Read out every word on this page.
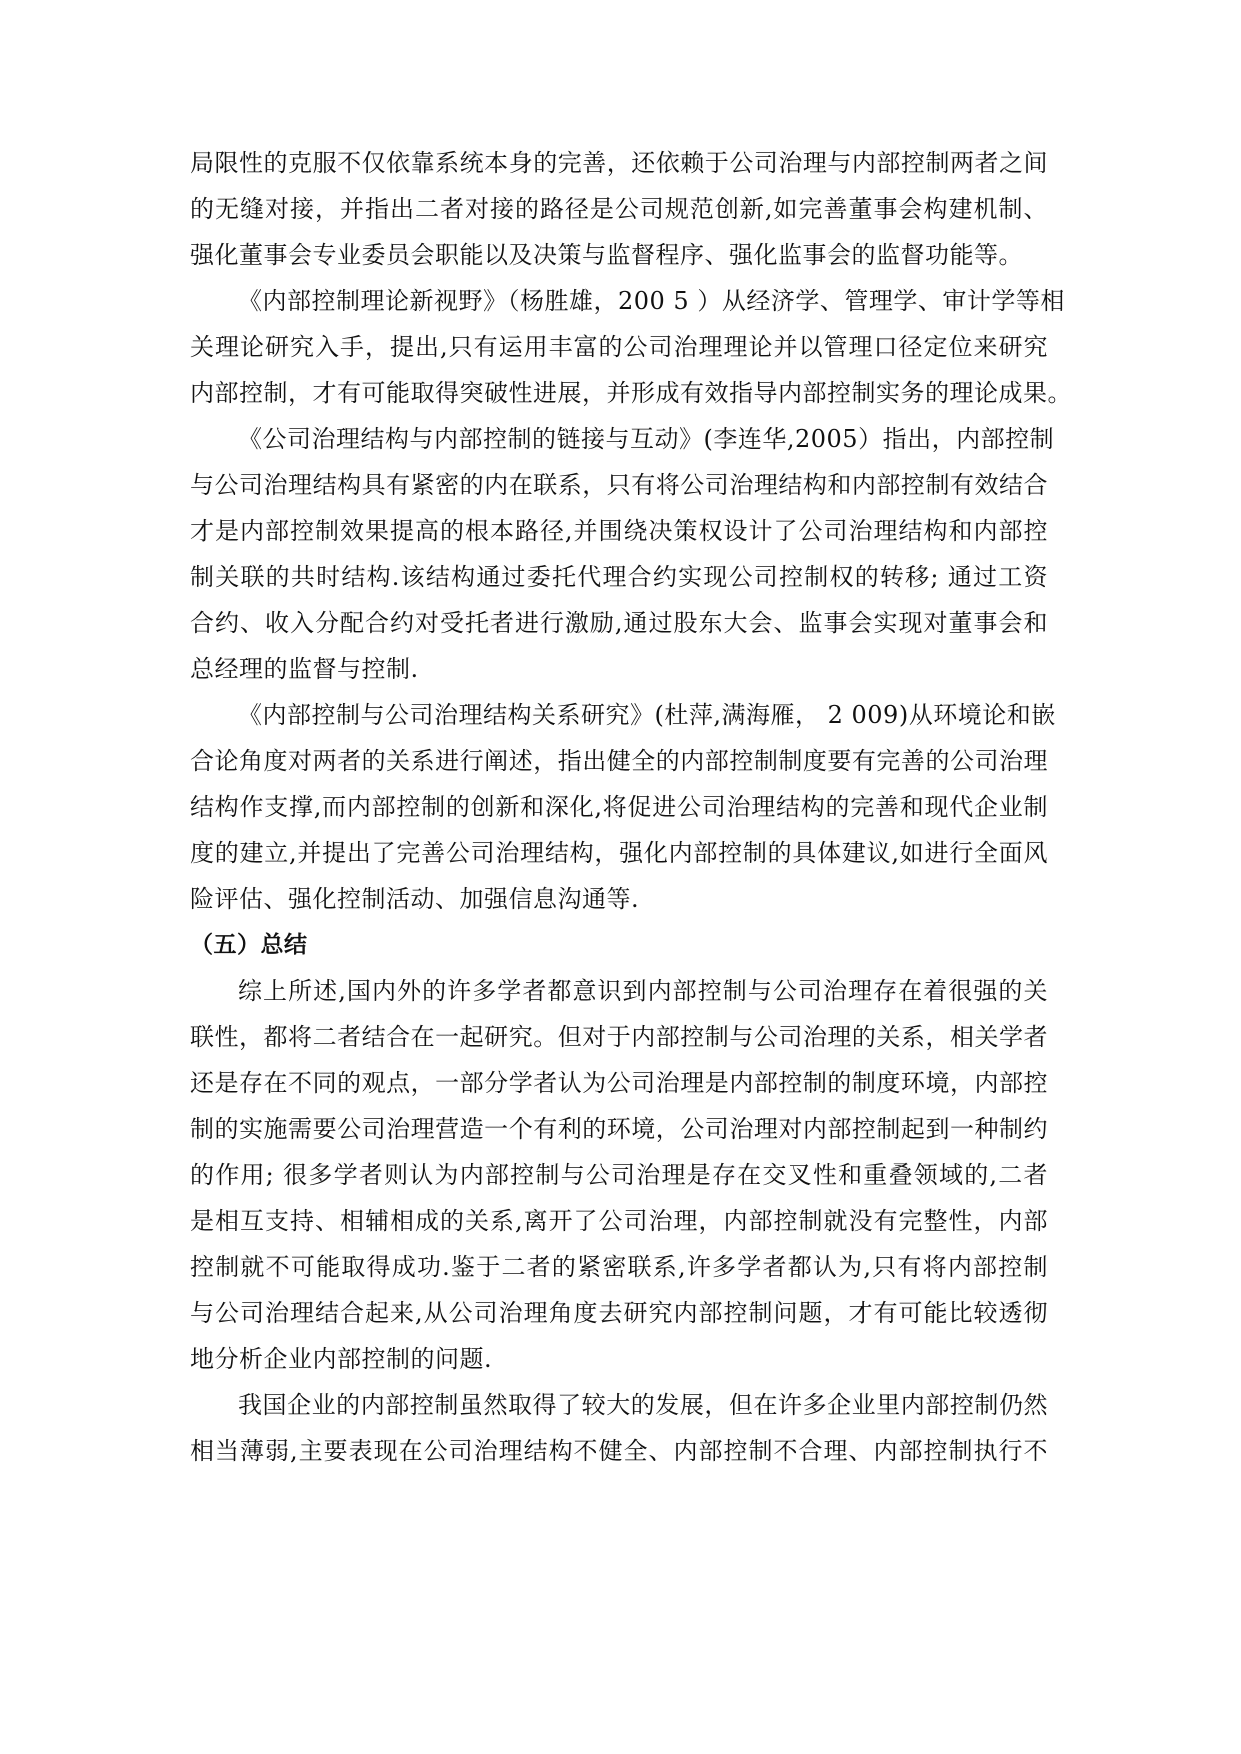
局限性的克服不仅依靠系统本身的完善，还依赖于公司治理与内部控制两者之间
的无缝对接，并指出二者对接的路径是公司规范创新,如完善董事会构建机制、
强化董事会专业委员会职能以及决策与监督程序、强化监事会的监督功能等。
《内部控制理论新视野》（杨胜雄，200 5 ）从经济学、管理学、审计学等相
关理论研究入手，提出,只有运用丰富的公司治理理论并以管理口径定位来研究
内部控制，才有可能取得突破性进展，并形成有效指导内部控制实务的理论成果。
《公司治理结构与内部控制的链接与互动》(李连华,2005）指出，内部控制
与公司治理结构具有紧密的内在联系，只有将公司治理结构和内部控制有效结合
才是内部控制效果提高的根本路径,并围绕决策权设计了公司治理结构和内部控
制关联的共时结构.该结构通过委托代理合约实现公司控制权的转移; 通过工资
合约、收入分配合约对受托者进行激励,通过股东大会、监事会实现对董事会和
总经理的监督与控制.
《内部控制与公司治理结构关系研究》(杜萍,满海雁， 2 009)从环境论和嵌
合论角度对两者的关系进行阐述，指出健全的内部控制制度要有完善的公司治理
结构作支撑,而内部控制的创新和深化,将促进公司治理结构的完善和现代企业制
度的建立,并提出了完善公司治理结构，强化内部控制的具体建议,如进行全面风
险评估、强化控制活动、加强信息沟通等.
（五）总结
综上所述,国内外的许多学者都意识到内部控制与公司治理存在着很强的关
联性，都将二者结合在一起研究。但对于内部控制与公司治理的关系，相关学者
还是存在不同的观点，一部分学者认为公司治理是内部控制的制度环境，内部控
制的实施需要公司治理营造一个有利的环境，公司治理对内部控制起到一种制约
的作用; 很多学者则认为内部控制与公司治理是存在交叉性和重叠领域的,二者
是相互支持、相辅相成的关系,离开了公司治理，内部控制就没有完整性，内部
控制就不可能取得成功.鉴于二者的紧密联系,许多学者都认为,只有将内部控制
与公司治理结合起来,从公司治理角度去研究内部控制问题，才有可能比较透彻
地分析企业内部控制的问题.
我国企业的内部控制虽然取得了较大的发展，但在许多企业里内部控制仍然
相当薄弱,主要表现在公司治理结构不健全、内部控制不合理、内部控制执行不
